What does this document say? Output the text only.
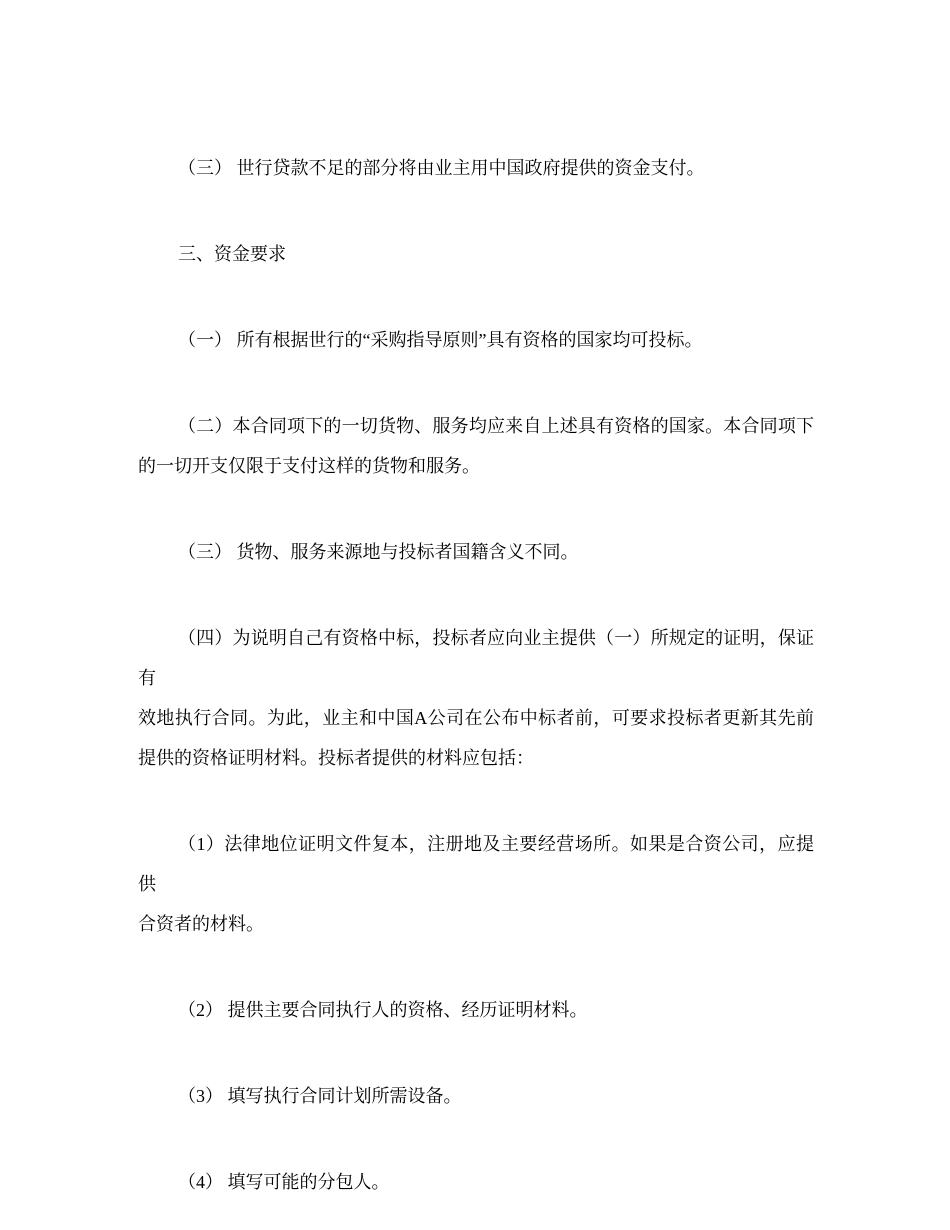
（三） 世行贷款不足的部分将由业主用中国政府提供的资金支付。
三、资金要求
（一） 所有根据世行的“采购指导原则”具有资格的国家均可投标。
（二）本合同项下的一切货物、服务均应来自上述具有资格的国家。本合同项下
的一切开支仅限于支付这样的货物和服务。
（三） 货物、服务来源地与投标者国籍含义不同。
（四）为说明自己有资格中标，投标者应向业主提供（一）所规定的证明，保证有
效地执行合同。为此，业主和中国A公司在公布中标者前，可要求投标者更新其先前
提供的资格证明材料。投标者提供的材料应包括：
（1）法律地位证明文件复本，注册地及主要经营场所。如果是合资公司，应提供
合资者的材料。
（2） 提供主要合同执行人的资格、经历证明材料。
（3） 填写执行合同计划所需设备。
（4） 填写可能的分包人。
